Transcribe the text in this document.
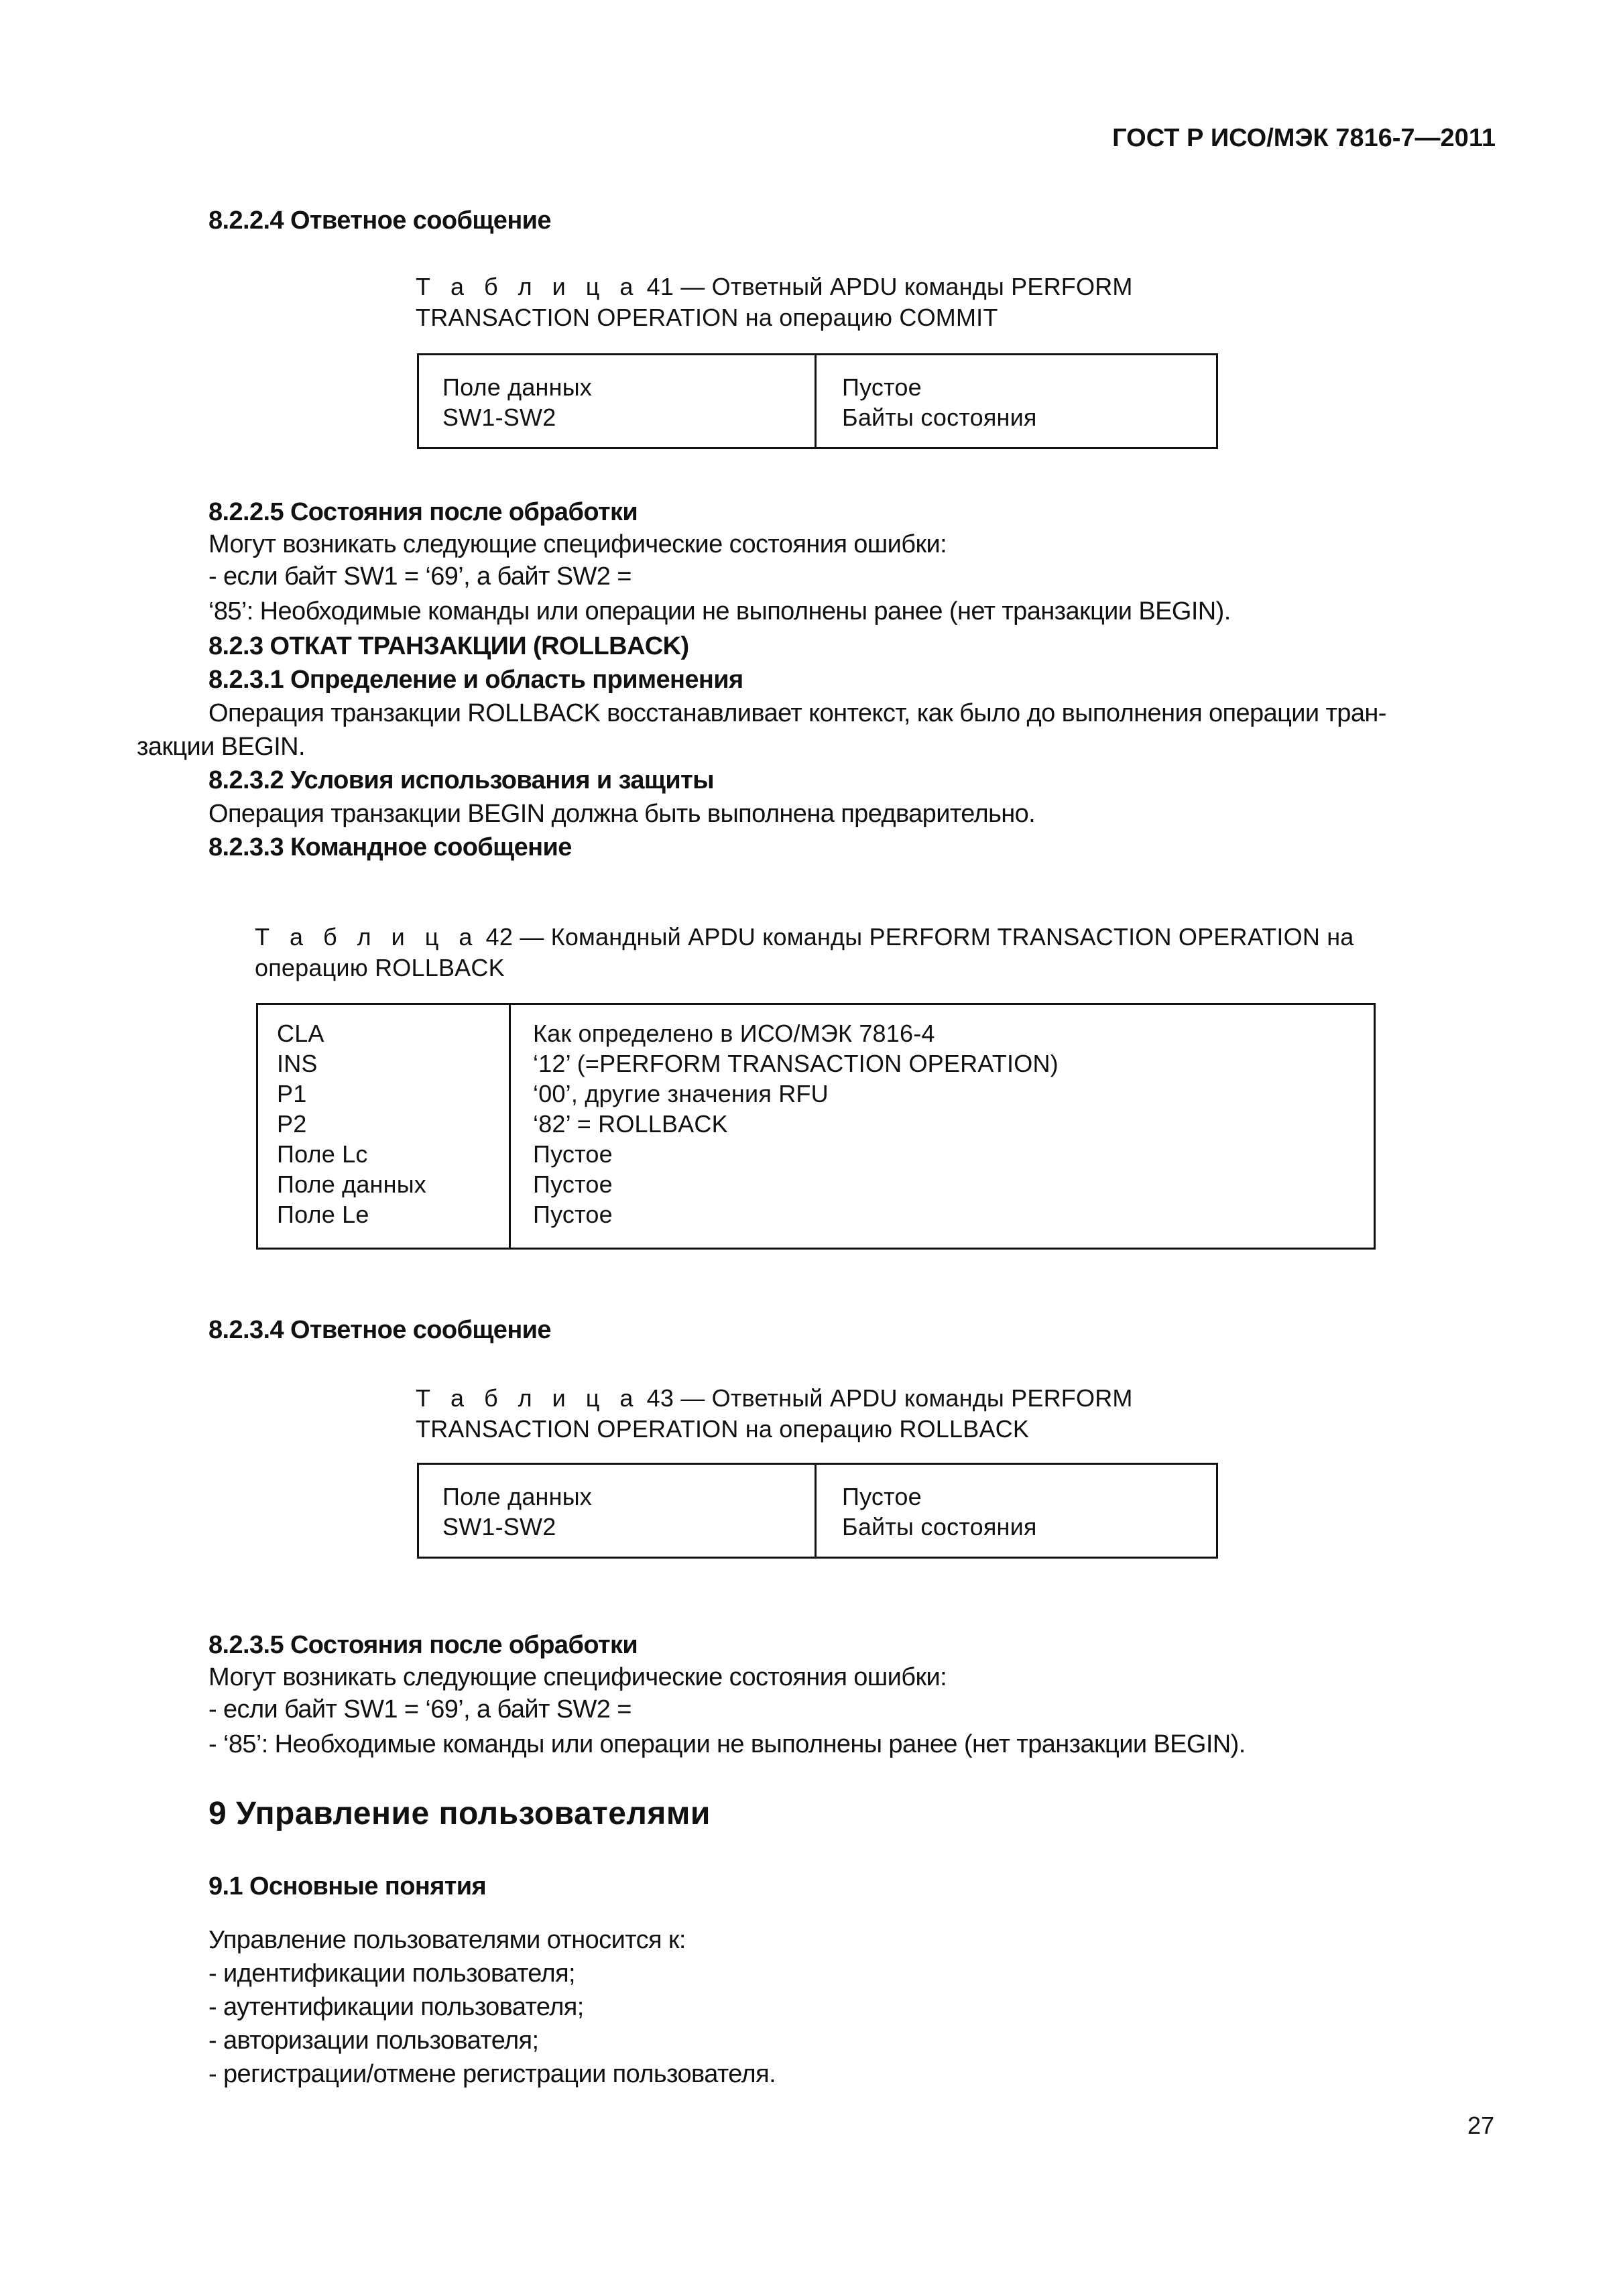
ГОСТ Р ИСО/МЭК 7816-7—2011
8.2.2.4 Ответное сообщение
Т а б л и ц а 41 — Ответный APDU команды PERFORM
TRANSACTION OPERATION на операцию COMMIT
Поле данных
SW1-SW2
Пустое
Байты состояния
8.2.2.5 Состояния после обработки
Могут возникать следующие специфические состояния ошибки:
- если байт SW1 = ‘69’, а байт SW2 =
‘85’: Необходимые команды или операции не выполнены ранее (нет транзакции BEGIN).
8.2.3 ОТКАТ ТРАНЗАКЦИИ (ROLLBACK)
8.2.3.1 Определение и область применения
Операция транзакции ROLLBACK восстанавливает контекст, как было до выполнения операции тран-
закции BEGIN.
8.2.3.2 Условия использования и защиты
Операция транзакции BEGIN должна быть выполнена предварительно.
8.2.3.3 Командное сообщение
Т а б л и ц а 42 — Командный APDU команды PERFORM TRANSACTION OPERATION на
операцию ROLLBACK
CLA
INS
P1
P2
Поле Lc
Поле данных
Поле Le
Как определено в ИСО/МЭК 7816-4
‘12’ (=PERFORM TRANSACTION OPERATION)
‘00’, другие значения RFU
‘82’ = ROLLBACK
Пустое
Пустое
Пустое
8.2.3.4 Ответное сообщение
Т а б л и ц а 43 — Ответный APDU команды PERFORM
TRANSACTION OPERATION на операцию ROLLBACK
Поле данных
SW1-SW2
Пустое
Байты состояния
8.2.3.5 Состояния после обработки
Могут возникать следующие специфические состояния ошибки:
- если байт SW1 = ‘69’, а байт SW2 =
- ‘85’: Необходимые команды или операции не выполнены ранее (нет транзакции BEGIN).
9 Управление пользователями
9.1 Основные понятия
Управление пользователями относится к:
- идентификации пользователя;
- аутентификации пользователя;
- авторизации пользователя;
- регистрации/отмене регистрации пользователя.
27
